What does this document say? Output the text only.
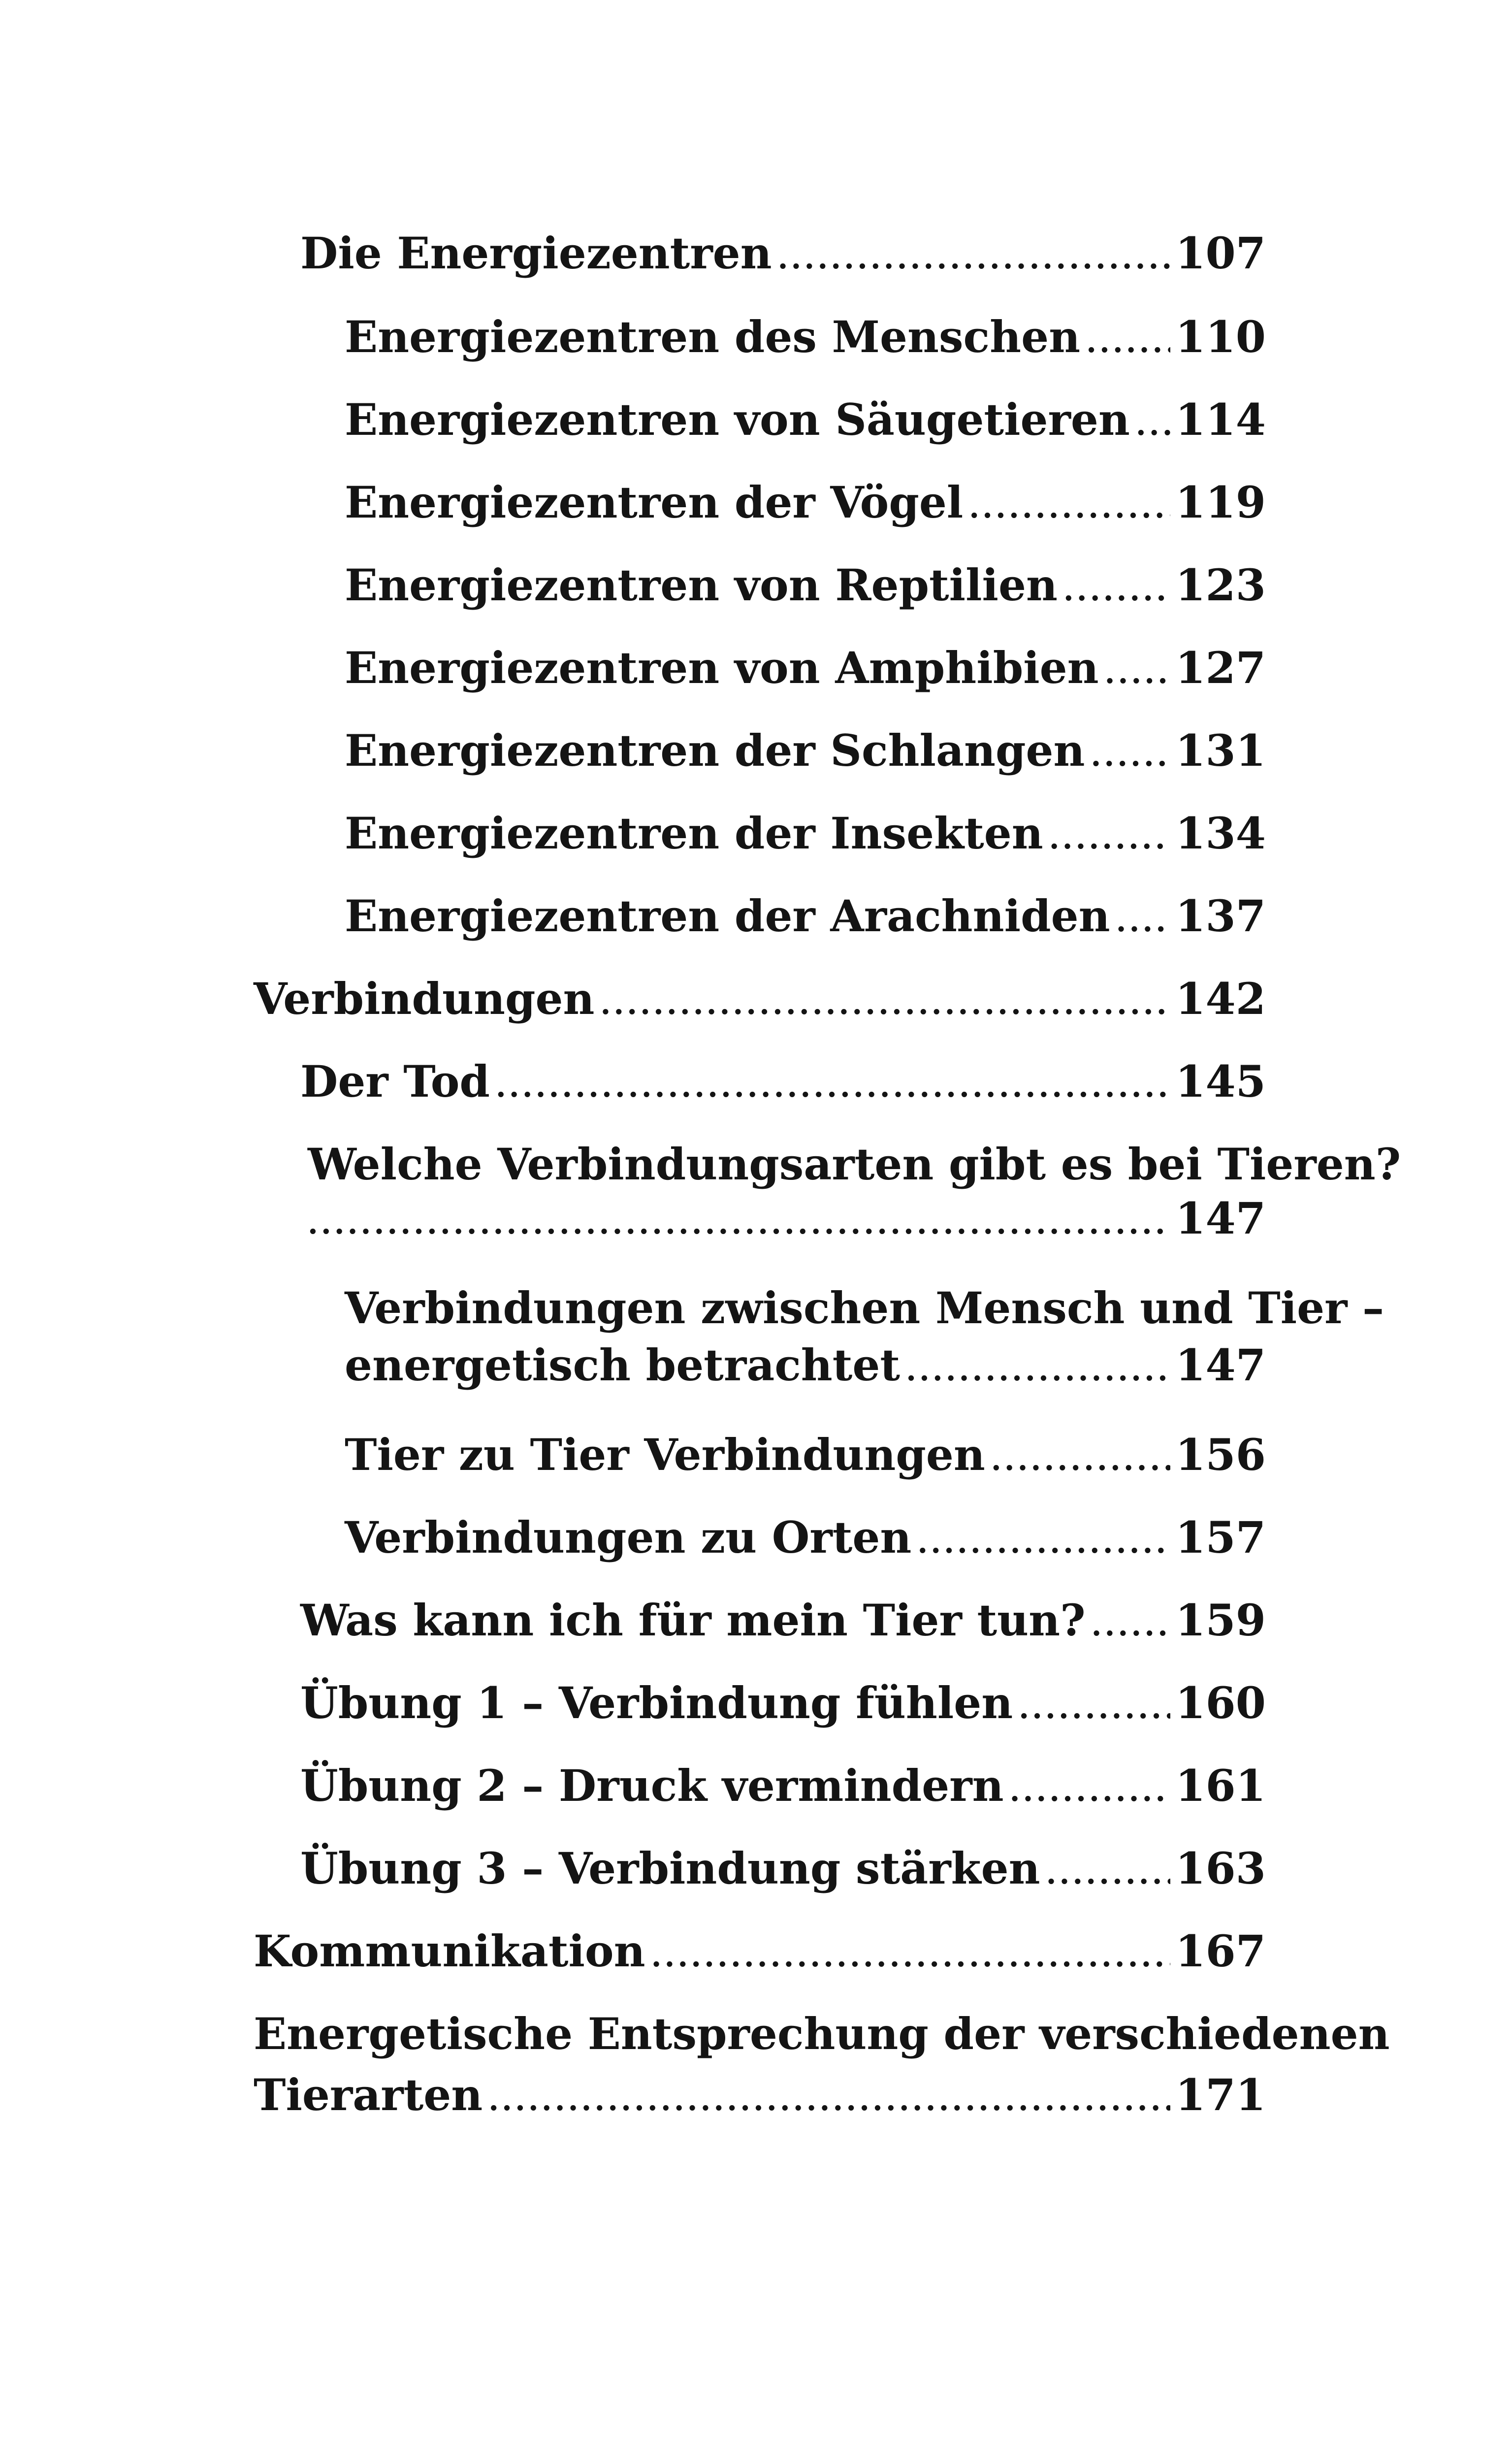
Die Energiezentren .....	107
Energiezentren des Menschen ..... 110
Energiezentren von Säugetieren ..... 114
Energiezentren der Vögel .....	119
Energiezentren von Reptilien .....	123
Energiezentren von Amphibien ..... 127
Energiezentren der Schlangen ..... 131
Energiezentren der Insekten .....	134
Energiezentren der Arachniden ..... 137
Verbindungen .....	142
Der Tod .....	145
Welche Verbindungsarten gibt es bei Tieren?
.....
147
Verbindungen zwischen Mensch und Tier –
energetisch betrachtet .....	147
Tier zu Tier Verbindungen .....	156
Verbindungen zu Orten .....	157
Was kann ich für mein Tier tun? ..... 159
Übung 1 – Verbindung fühlen .....	160
Übung 2 – Druck vermindern .....	161
Übung 3 – Verbindung stärken .....	163
Kommunikation .....	167
Energetische Entsprechung der verschiedenen
Tierarten .....	171
